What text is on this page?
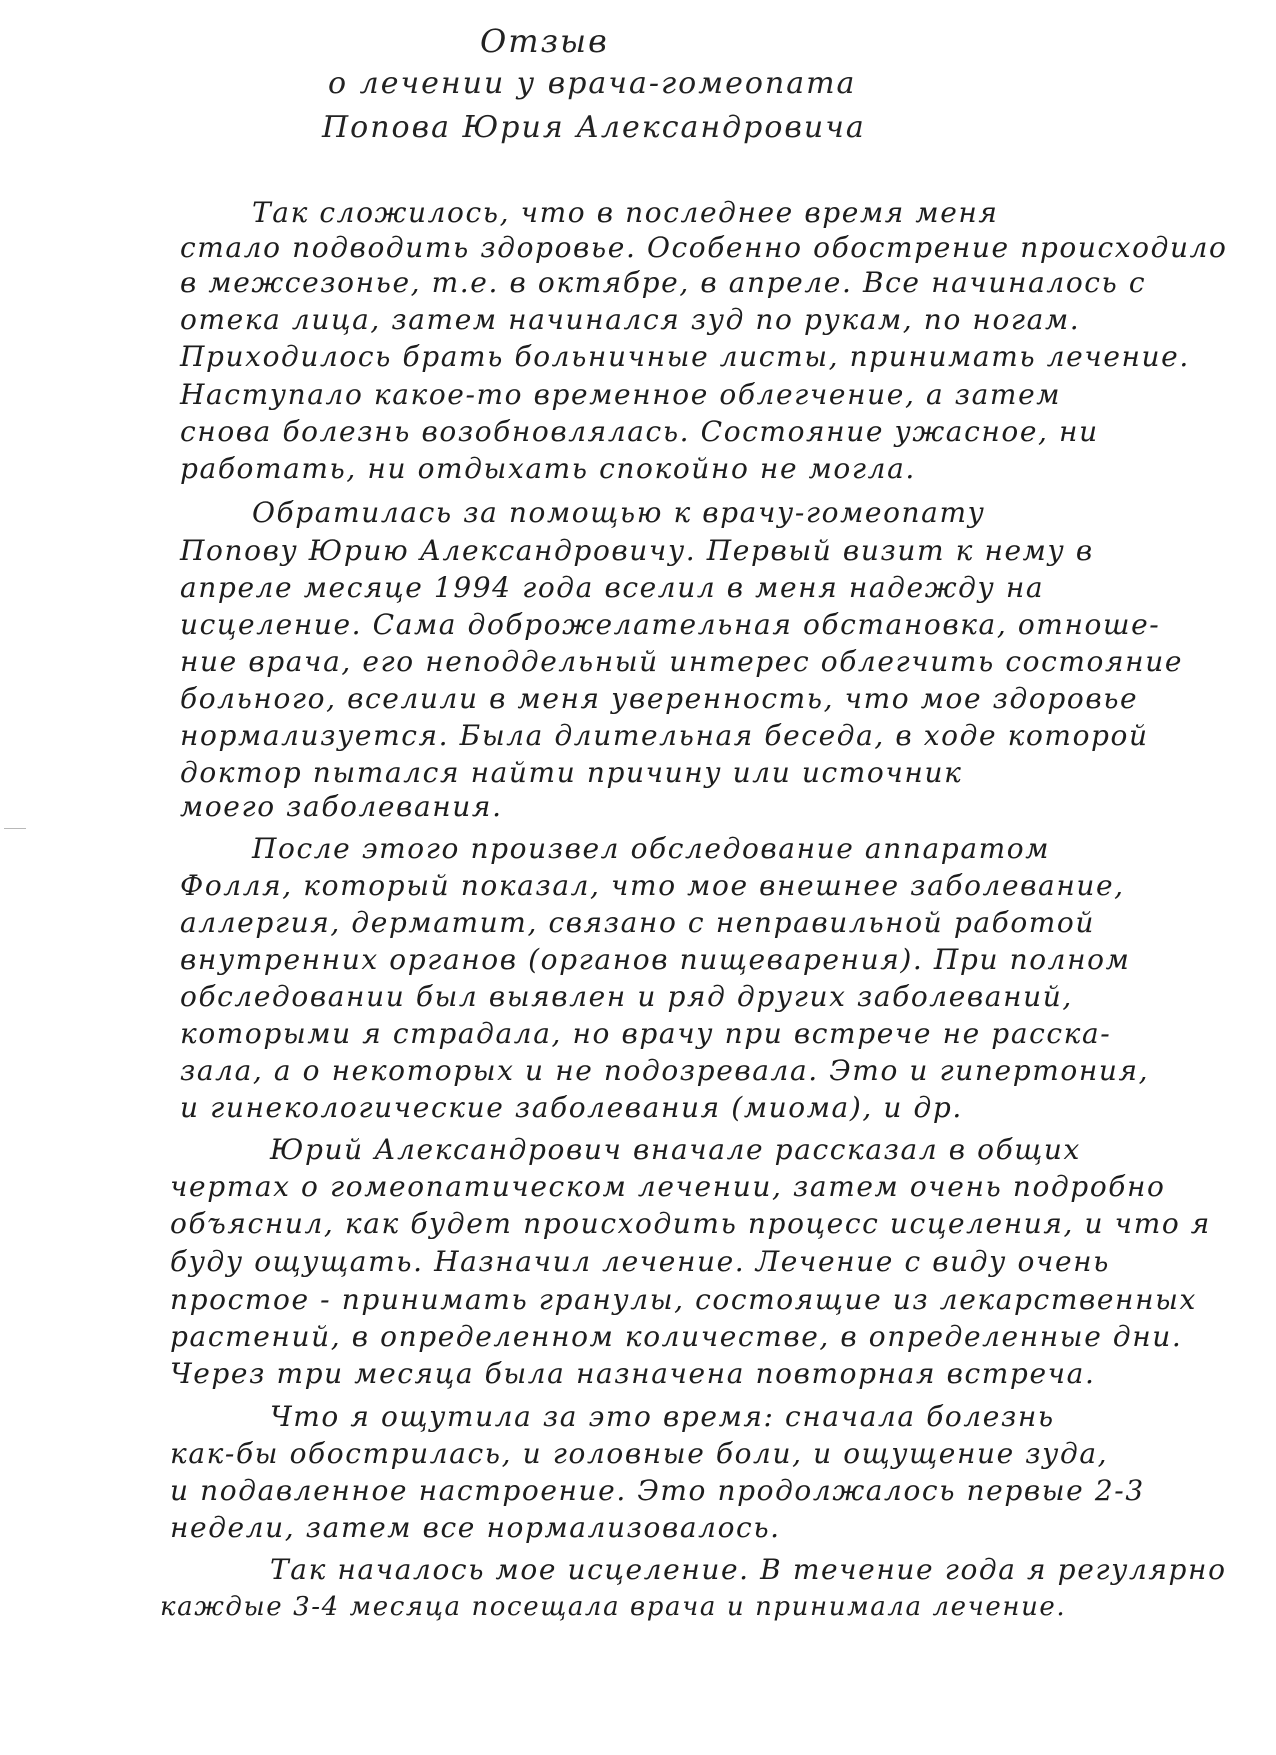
Отзыв
о лечении у врача-гомеопата
Попова Юрия Александровича
Так сложилось, что в последнее время меня
стало подводить здоровье. Особенно обострение происходило
в межсезонье, т.е. в октябре, в апреле. Все начиналось с
отека лица, затем начинался зуд по рукам, по ногам.
Приходилось брать больничные листы, принимать лечение.
Наступало какое-то временное облегчение, а затем
снова болезнь возобновлялась. Состояние ужасное, ни
работать, ни отдыхать спокойно не могла.
Обратилась за помощью к врачу-гомеопату
Попову Юрию Александровичу. Первый визит к нему в
апреле месяце 1994 года вселил в меня надежду на
исцеление. Сама доброжелательная обстановка, отноше-
ние врача, его неподдельный интерес облегчить состояние
больного, вселили в меня уверенность, что мое здоровье
нормализуется. Была длительная беседа, в ходе которой
доктор пытался найти причину или источник
моего заболевания.
После этого произвел обследование аппаратом
Фолля, который показал, что мое внешнее заболевание,
аллергия, дерматит, связано с неправильной работой
внутренних органов (органов пищеварения). При полном
обследовании был выявлен и ряд других заболеваний,
которыми я страдала, но врачу при встрече не расска-
зала, а о некоторых и не подозревала. Это и гипертония,
и гинекологические заболевания (миома), и др.
Юрий Александрович вначале рассказал в общих
чертах о гомеопатическом лечении, затем очень подробно
объяснил, как будет происходить процесс исцеления, и что я
буду ощущать. Назначил лечение. Лечение с виду очень
простое - принимать гранулы, состоящие из лекарственных
растений, в определенном количестве, в определенные дни.
Через три месяца была назначена повторная встреча.
Что я ощутила за это время: сначала болезнь
как-бы обострилась, и головные боли, и ощущение зуда,
и подавленное настроение. Это продолжалось первые 2-3
недели, затем все нормализовалось.
Так началось мое исцеление. В течение года я регулярно
каждые 3-4 месяца посещала врача и принимала лечение.
